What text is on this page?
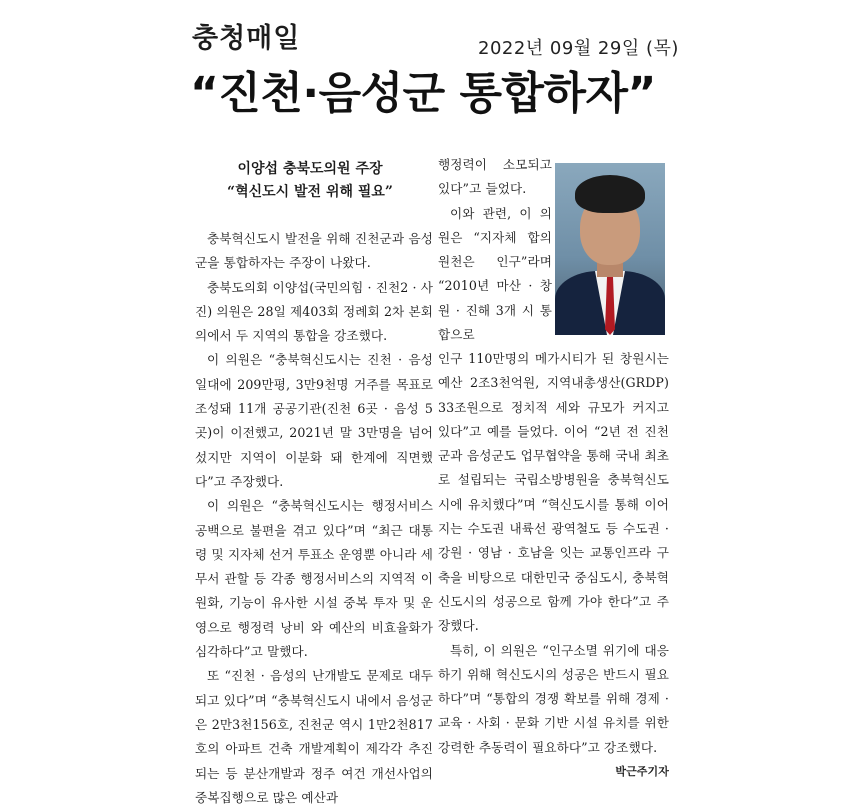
충청매일	2022년 09월 29일 (목)
“진천·음성군 통합하자”
이양섭 충북도의원 주장
“혁신도시 발전 위해 필요”

충북혁신도시 발전을 위해 진천군과 음성군을 통합하자는 주장이 나왔다.

충북도의회 이양섭(국민의힘 · 진천2 · 사진) 의원은 28일 제403회 정례회 2차 본회의에서 두 지역의 통합을 강조했다.

이 의원은 “충북혁신도시는 진천 · 음성 일대에 209만평, 3만9천명 거주를 목표로 조성돼 11개 공공기관(진천 6곳 · 음성 5곳)이 이전했고, 2021년 말 3만명을 넘어섰지만 지역이 이분화 돼 한계에 직면했다”고 주장했다.

이 의원은 “충북혁신도시는 행정서비스 공백으로 불편을 겪고 있다”며 “최근 대통령 및 지자체 선거 투표소 운영뿐 아니라 세무서 관할 등 각종 행정서비스의 지역적 이원화, 기능이 유사한 시설 중복 투자 및 운영으로 행정력 낭비 와 예산의 비효율화가 심각하다”고 말했다.

또 “진천 · 음성의 난개발도 문제로 대두되고 있다”며 “충북혁신도시 내에서 음성군은 2만3천156호, 진천군 역시 1만2천817호의 아파트 건축 개발계획이 제각각 추진되는 등 분산개발과 정주 여건 개선사업의 중복집행으로 많은 예산과

행정력이 소모되고 있다”고 들었다.

이와 관련, 이 의원은 “지자체 합의 원천은 인구”라며 “2010년 마산 · 창원 · 진해 3개 시 통합으로

인구 110만명의 메가시티가 된 창원시는 예산 2조3천억원, 지역내총생산(GRDP) 33조원으로 정치적 세와 규모가 커지고 있다”고 예를 들었다. 이어 “2년 전 진천군과 음성군도 업무협약을 통해 국내 최초로 설립되는 국립소방병원을 충북혁신도시에 유치했다”며 “혁신도시를 통해 이어지는 수도권 내륙선 광역철도 등 수도권 · 강원 · 영남 · 호남을 잇는 교통인프라 구축을 비탕으로 대한민국 중심도시, 충북혁신도시의 성공으로 함께 가야 한다”고 주장했다.

특히, 이 의원은 “인구소멸 위기에 대응하기 위해 혁신도시의 성공은 반드시 필요하다”며 “통합의 경쟁 확보를 위해 경제 · 교육 · 사회 · 문화 기반 시설 유치를 위한 강력한 추동력이 필요하다”고 강조했다.
박근주기자
